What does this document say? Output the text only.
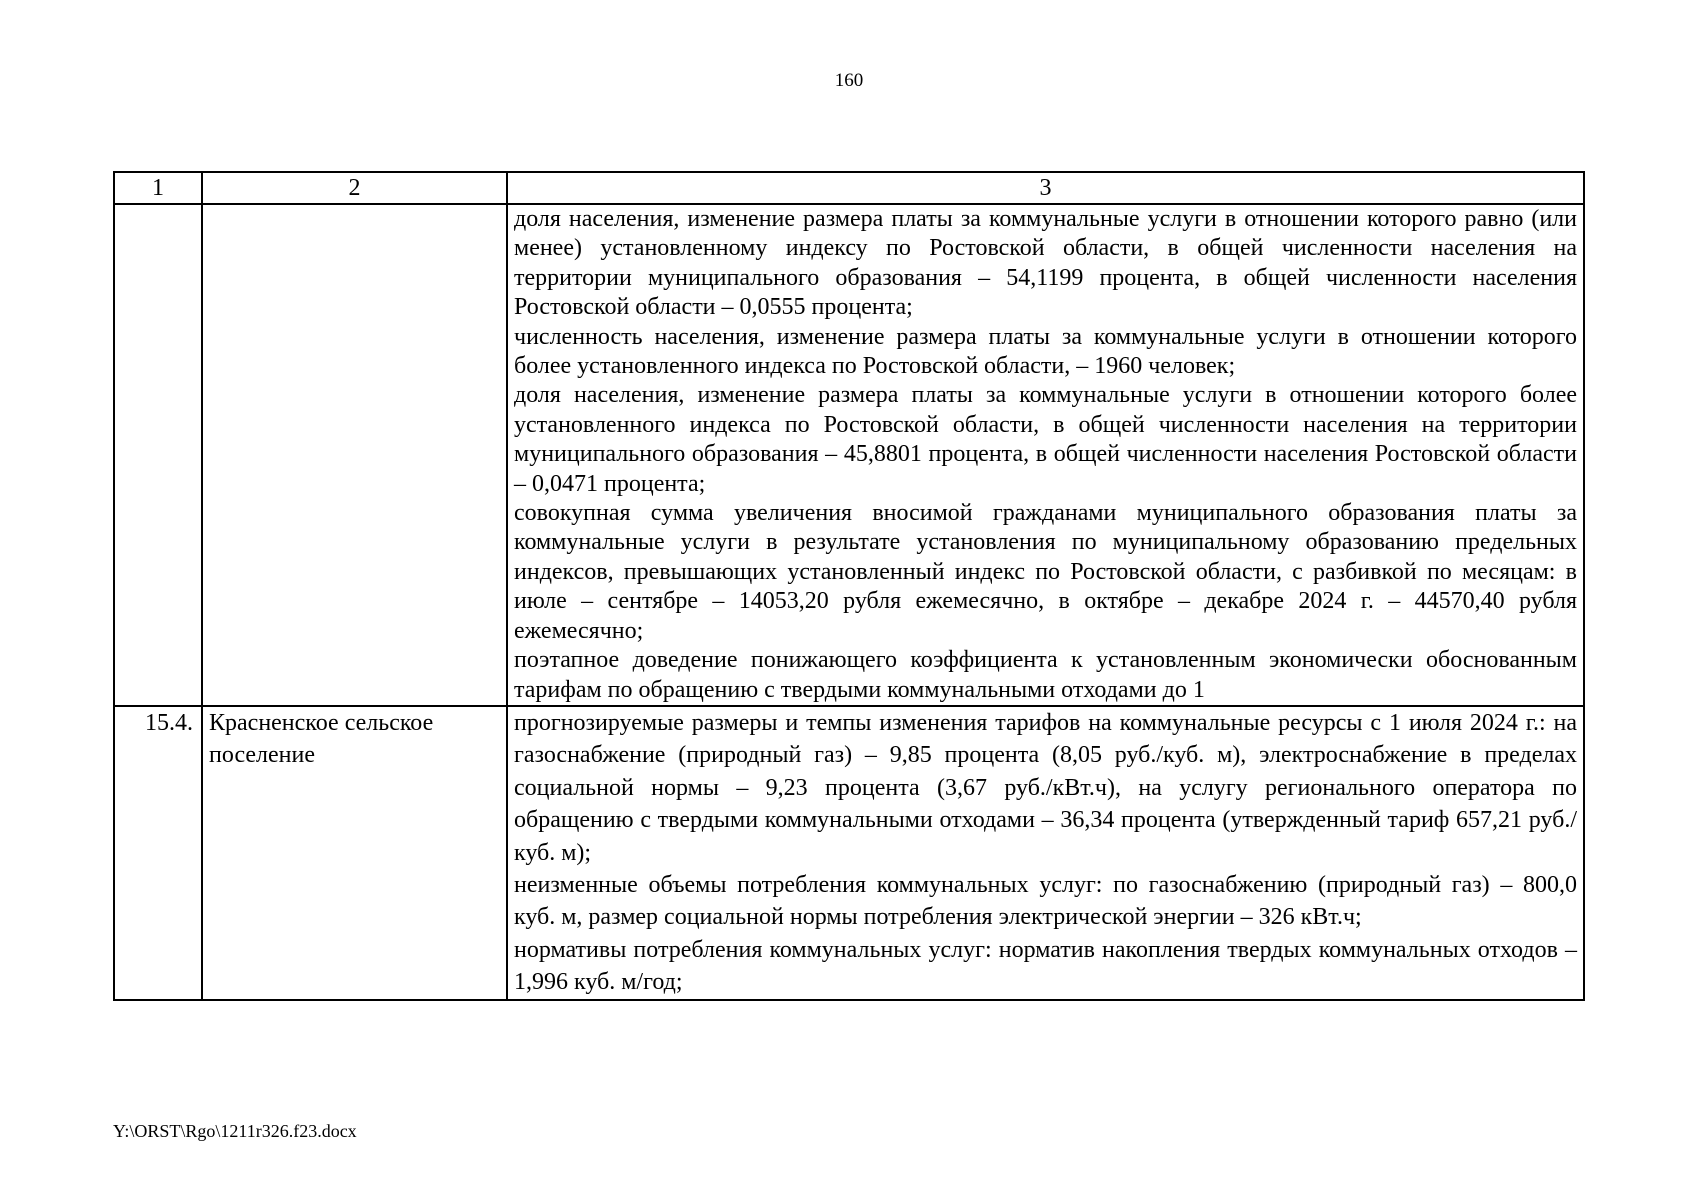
160
1	2	3

		доля населения, изменение размера платы за коммунальные услуги в отношении которого равно (или менее) установленному индексу по Ростовской области, в общей численности населения на территории муниципального образования – 54,1199 процента, в общей численности населения Ростовской области – 0,0555 процента;

численность населения, изменение размера платы за коммунальные услуги в отношении которого более установленного индекса по Ростовской области, – 1960 человек;

доля населения, изменение размера платы за коммунальные услуги в отношении которого более установленного индекса по Ростовской области, в общей численности населения на территории муниципального образования – 45,8801 процента, в общей численности населения Ростовской области – 0,0471 процента;

совокупная сумма увеличения вносимой гражданами муниципального образования платы за коммунальные услуги в результате установления по муниципальному образованию предельных индексов, превышающих установленный индекс по Ростовской области, с разбивкой по месяцам: в июле – сентябре – 14053,20 рубля ежемесячно, в октябре – декабре 2024 г. – 44570,40 рубля ежемесячно;

поэтапное доведение понижающего коэффициента к установленным экономически обоснованным тарифам по обращению с твердыми коммунальными отходами до 1

15.4.	Красненское сельское поселение	прогнозируемые размеры и темпы изменения тарифов на коммунальные ресурсы с 1 июля 2024 г.: на газоснабжение (природный газ) – 9,85 процента (8,05 руб./куб. м), электроснабжение в пределах социальной нормы – 9,23 процента (3,67 руб./кВт.ч), на услугу регионального оператора по обращению с твердыми коммунальными отходами – 36,34 процента (утвержденный тариф 657,21 руб./куб. м);

неизменные объемы потребления коммунальных услуг: по газоснабжению (природный газ) – 800,0 куб. м, размер социальной нормы потребления электрической энергии – 326 кВт.ч;

нормативы потребления коммунальных услуг: норматив накопления твердых коммунальных отходов – 1,996 куб. м/год;

Y:\ORST\Rgo\1211r326.f23.docx
